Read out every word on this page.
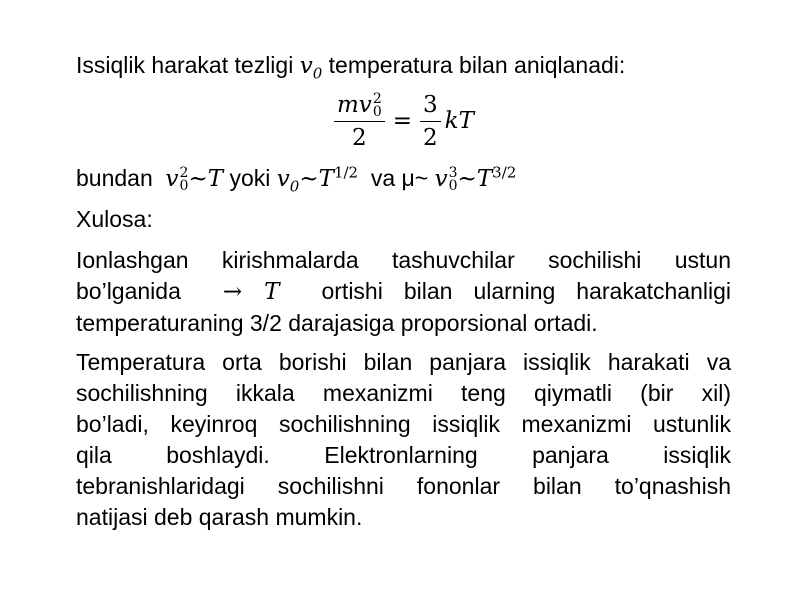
Issiqlik harakat tezligi $v_0$ temperatura bilan aniqlanadi:
mv 2
0
$2 = \frac{3}{2}$ kT
bundan v 2
0 ~T yoki $v_0\sim T^{1/2}$ va μ~ v 3
0 $\sim T^{3/2}$
Xulosa:
Ionlashgan kirishmalarda tashuvchilar sochilishi ustun
bo’lganida → T ortishi bilan ularning harakatchanligi
temperaturaning 3/2 darajasiga proporsional ortadi.
Temperatura orta borishi bilan panjara issiqlik harakati va
sochilishning ikkala mexanizmi teng qiymatli (bir xil)
bo’ladi, keyinroq sochilishning issiqlik mexanizmi ustunlik
qila boshlaydi. Elektronlarning panjara issiqlik
tebranishlaridagi sochilishni fononlar bilan to’qnashish
natijasi deb qarash mumkin.
